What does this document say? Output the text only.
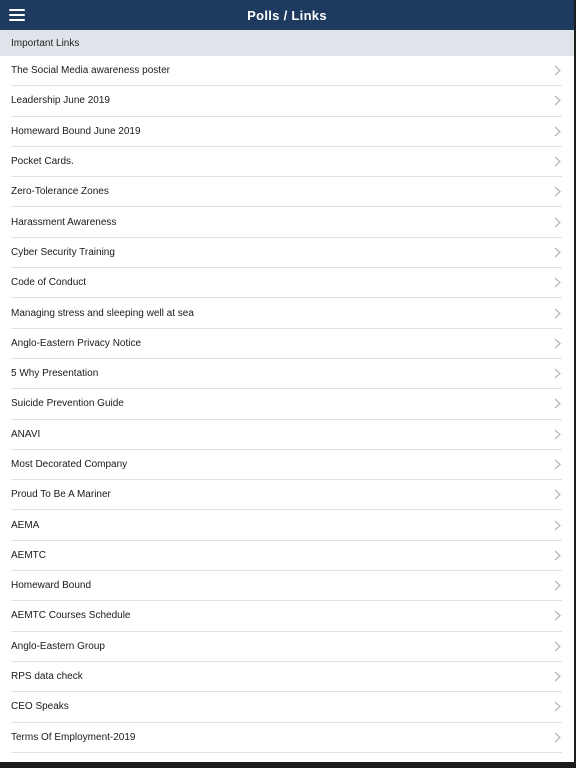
Polls / Links
Important Links
The Social Media awareness poster
Leadership June 2019
Homeward Bound June 2019
Pocket Cards.
Zero-Tolerance Zones
Harassment Awareness
Cyber Security Training
Code of Conduct
Managing stress and sleeping well at sea
Anglo-Eastern Privacy Notice
5 Why Presentation
Suicide Prevention Guide
ANAVI
Most Decorated Company
Proud To Be A Mariner
AEMA
AEMTC
Homeward Bound
AEMTC Courses Schedule
Anglo-Eastern Group
RPS data check
CEO Speaks
Terms Of Employment-2019
